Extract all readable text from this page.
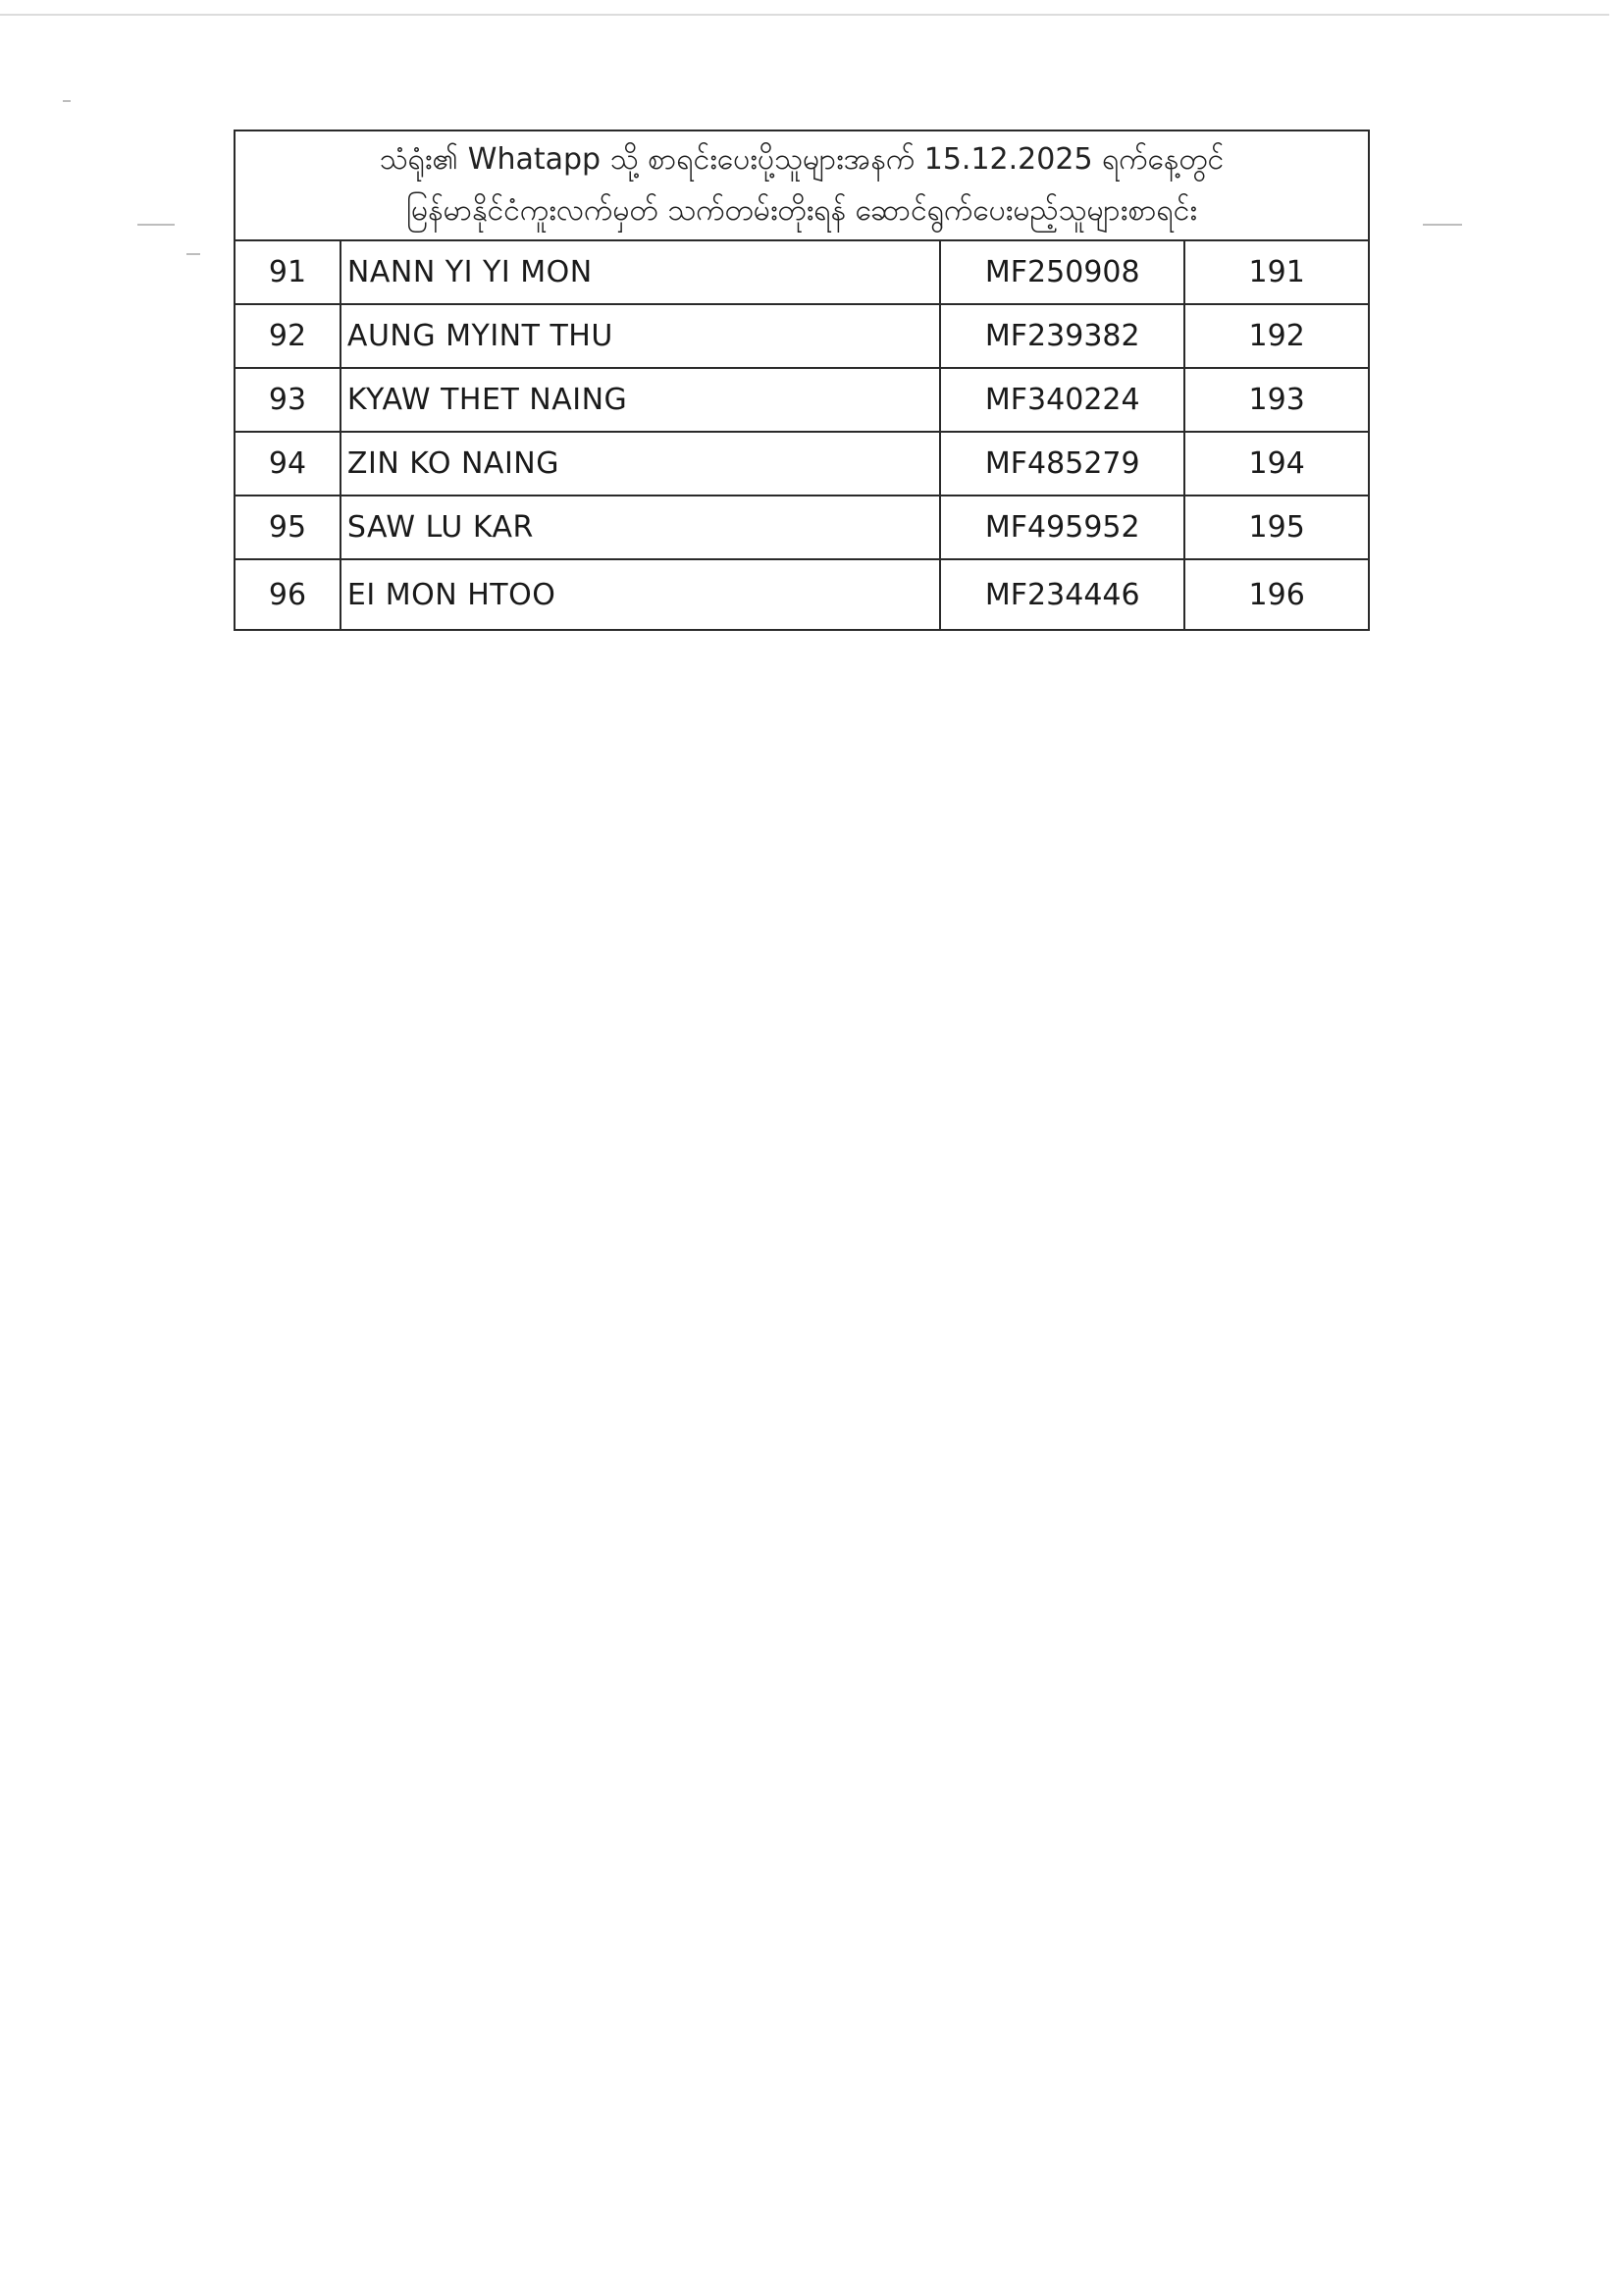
သံရုံး၏ Whatapp သို့ စာရင်းပေးပို့သူများအနက် 15.12.2025 ရက်နေ့တွင်
မြန်မာနိုင်ငံကူးလက်မှတ် သက်တမ်းတိုးရန် ဆောင်ရွက်ပေးမည့်သူများစာရင်း			

91	NANN YI YI MON	MF250908	191
92	AUNG MYINT THU	MF239382	192
93	KYAW THET NAING	MF340224	193
94	ZIN KO NAING	MF485279	194
95	SAW LU KAR	MF495952	195
96	EI MON HTOO	MF234446	196
